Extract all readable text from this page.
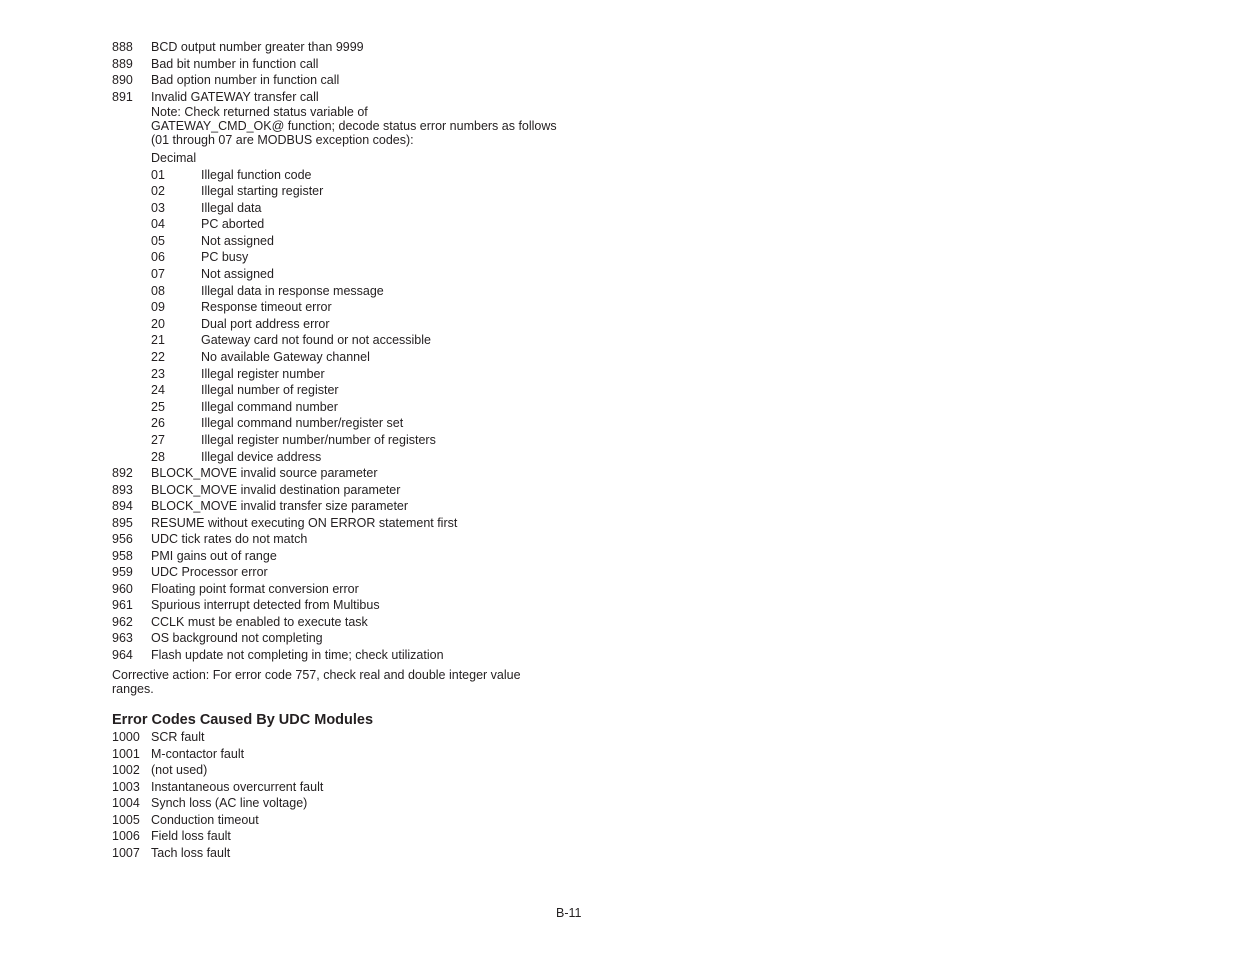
888	BCD output number greater than 9999
889	Bad bit number in function call
890	Bad option number in function call
891	Invalid GATEWAY transfer call
Note: Check returned status variable of
GATEWAY_CMD_OK@ function; decode status error numbers as follows
(01 through 07 are MODBUS exception codes):
Decimal
01	Illegal function code
02	Illegal starting register
03	Illegal data
04	PC aborted
05	Not assigned
06	PC busy
07	Not assigned
08	Illegal data in response message
09	Response timeout error
20	Dual port address error
21	Gateway card not found or not accessible
22	No available Gateway channel
23	Illegal register number
24	Illegal number of register
25	Illegal command number
26	Illegal command number/register set
27	Illegal register number/number of registers
28	Illegal device address
892	BLOCK_MOVE invalid source parameter
893	BLOCK_MOVE invalid destination parameter
894	BLOCK_MOVE invalid transfer size parameter
895	RESUME without executing ON ERROR statement first
956	UDC tick rates do not match
958	PMI gains out of range
959	UDC Processor error
960	Floating point format conversion error
961	Spurious interrupt detected from Multibus
962	CCLK must be enabled to execute task
963	OS background not completing
964	Flash update not completing in time; check utilization
Corrective action: For error code 757, check real and double integer value ranges.
Error Codes Caused By UDC Modules
1000 SCR fault
1001 M-contactor fault
1002 (not used)
1003 Instantaneous overcurrent fault
1004 Synch loss (AC line voltage)
1005 Conduction timeout
1006 Field loss fault
1007 Tach loss fault
B-11
